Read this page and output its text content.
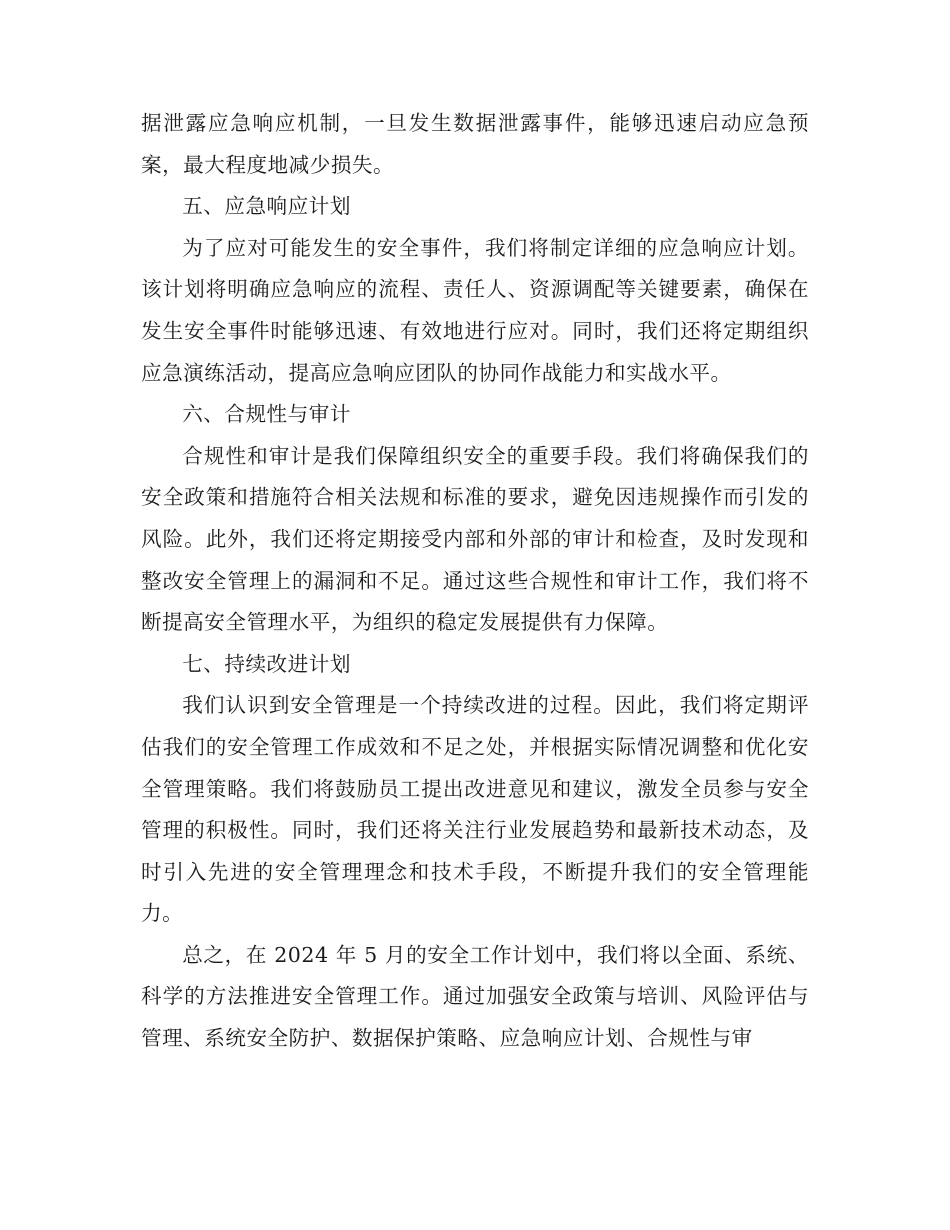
据泄露应急响应机制，一旦发生数据泄露事件，能够迅速启动应急预案，最大程度地减少损失。

五、应急响应计划

为了应对可能发生的安全事件，我们将制定详细的应急响应计划。该计划将明确应急响应的流程、责任人、资源调配等关键要素，确保在发生安全事件时能够迅速、有效地进行应对。同时，我们还将定期组织应急演练活动，提高应急响应团队的协同作战能力和实战水平。

六、合规性与审计

合规性和审计是我们保障组织安全的重要手段。我们将确保我们的安全政策和措施符合相关法规和标准的要求，避免因违规操作而引发的风险。此外，我们还将定期接受内部和外部的审计和检查，及时发现和整改安全管理上的漏洞和不足。通过这些合规性和审计工作，我们将不断提高安全管理水平，为组织的稳定发展提供有力保障。

七、持续改进计划

我们认识到安全管理是一个持续改进的过程。因此，我们将定期评估我们的安全管理工作成效和不足之处，并根据实际情况调整和优化安全管理策略。我们将鼓励员工提出改进意见和建议，激发全员参与安全管理的积极性。同时，我们还将关注行业发展趋势和最新技术动态，及时引入先进的安全管理理念和技术手段，不断提升我们的安全管理能力。

总之，在 2024 年 5 月的安全工作计划中，我们将以全面、系统、科学的方法推进安全管理工作。通过加强安全政策与培训、风险评估与管理、系统安全防护、数据保护策略、应急响应计划、合规性与审
